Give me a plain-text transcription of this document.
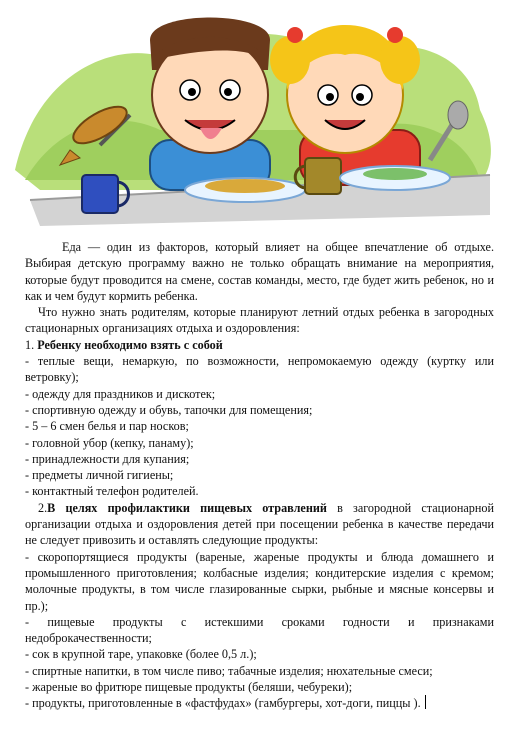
Еда — один из факторов, который влияет на общее впечатление об отдыхе. Выбирая детскую программу важно не только обращать внимание на мероприятия, которые будут проводится на смене, состав команды, место, где будет жить ребенок, но и как и чем будут кормить ребенка.

Что нужно знать родителям, которые планируют летний отдых ребенка в загородных стационарных организациях отдыха и оздоровления:

1. Ребенку необходимо взять с собой

- теплые вещи, немаркую, по возможности, непромокаемую одежду (куртку или ветровку);

- одежду для праздников и дискотек;

- спортивную одежду и обувь, тапочки для помещения;

- 5 – 6 смен белья и пар носков;

- головной убор (кепку, панаму);

- принадлежности для купания;

- предметы личной гигиены;

- контактный телефон родителей.

2.В целях профилактики пищевых отравлений в загородной стационарной организации отдыха и оздоровления детей при посещении ребенка в качестве передачи не следует привозить и оставлять следующие продукты:

- скоропортящиеся продукты (вареные, жареные продукты и блюда домашнего и промышленного приготовления; колбасные изделия; кондитерские изделия с кремом; молочные продукты, в том числе глазированные сырки, рыбные и мясные консервы и пр.);

- пищевые продукты с истекшими сроками годности и признаками недоброкачественности;

- сок в крупной таре, упаковке (более 0,5 л.);

- спиртные напитки, в том числе пиво; табачные изделия; нюхательные смеси;

- жареные во фритюре пищевые продукты (беляши, чебуреки);

- продукты, приготовленные в «фастфудах» (гамбургеры, хот-доги, пиццы ).
